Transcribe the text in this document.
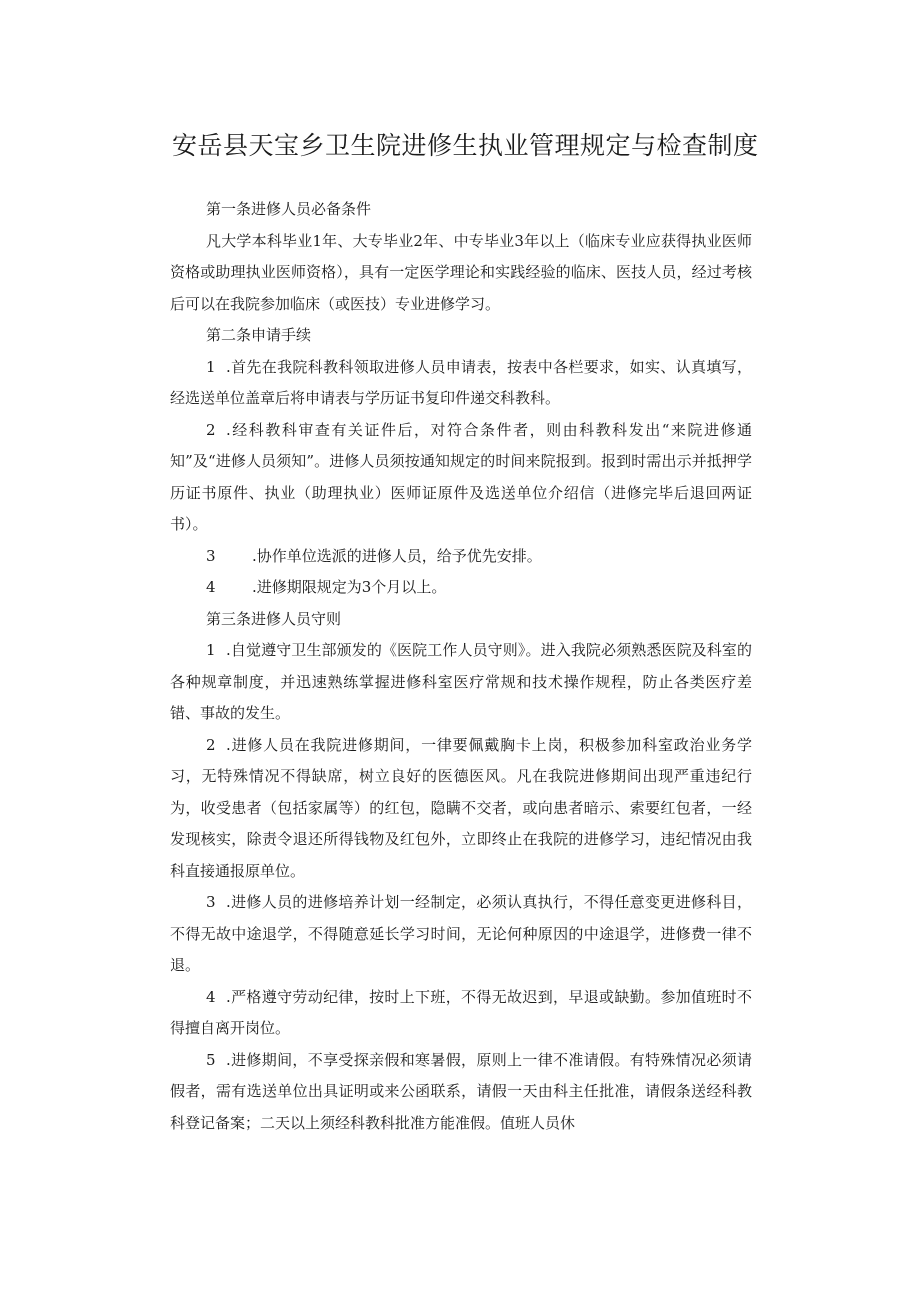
安岳县天宝乡卫生院进修生执业管理规定与检查制度

第一条进修人员必备条件

凡大学本科毕业1年、大专毕业2年、中专毕业3年以上（临床专业应获得执业医师资格或助理执业医师资格），具有一定医学理论和实践经验的临床、医技人员，经过考核后可以在我院参加临床（或医技）专业进修学习。

第二条申请手续

1 .首先在我院科教科领取进修人员申请表，按表中各栏要求，如实、认真填写，经选送单位盖章后将申请表与学历证书复印件递交科教科。

2 .经科教科审查有关证件后，对符合条件者，则由科教科发出“来院进修通知”及“进修人员须知”。进修人员须按通知规定的时间来院报到。报到时需出示并抵押学历证书原件、执业（助理执业）医师证原件及选送单位介绍信（进修完毕后退回两证书）。

3 .协作单位选派的进修人员，给予优先安排。

4 .进修期限规定为3个月以上。

第三条进修人员守则

1 .自觉遵守卫生部颁发的《医院工作人员守则》。进入我院必须熟悉医院及科室的各种规章制度，并迅速熟练掌握进修科室医疗常规和技术操作规程，防止各类医疗差错、事故的发生。

2 .进修人员在我院进修期间，一律要佩戴胸卡上岗，积极参加科室政治业务学习，无特殊情况不得缺席，树立良好的医德医风。凡在我院进修期间出现严重违纪行为，收受患者（包括家属等）的红包，隐瞒不交者，或向患者暗示、索要红包者，一经发现核实，除责令退还所得钱物及红包外，立即终止在我院的进修学习，违纪情况由我科直接通报原单位。

3 .进修人员的进修培养计划一经制定，必须认真执行，不得任意变更进修科目，不得无故中途退学，不得随意延长学习时间，无论何种原因的中途退学，进修费一律不退。

4 .严格遵守劳动纪律，按时上下班，不得无故迟到，早退或缺勤。参加值班时不得擅自离开岗位。

5 .进修期间，不享受探亲假和寒暑假，原则上一律不准请假。有特殊情况必须请假者，需有选送单位出具证明或来公函联系，请假一天由科主任批准，请假条送经科教科登记备案；二天以上须经科教科批准方能准假。值班人员休
